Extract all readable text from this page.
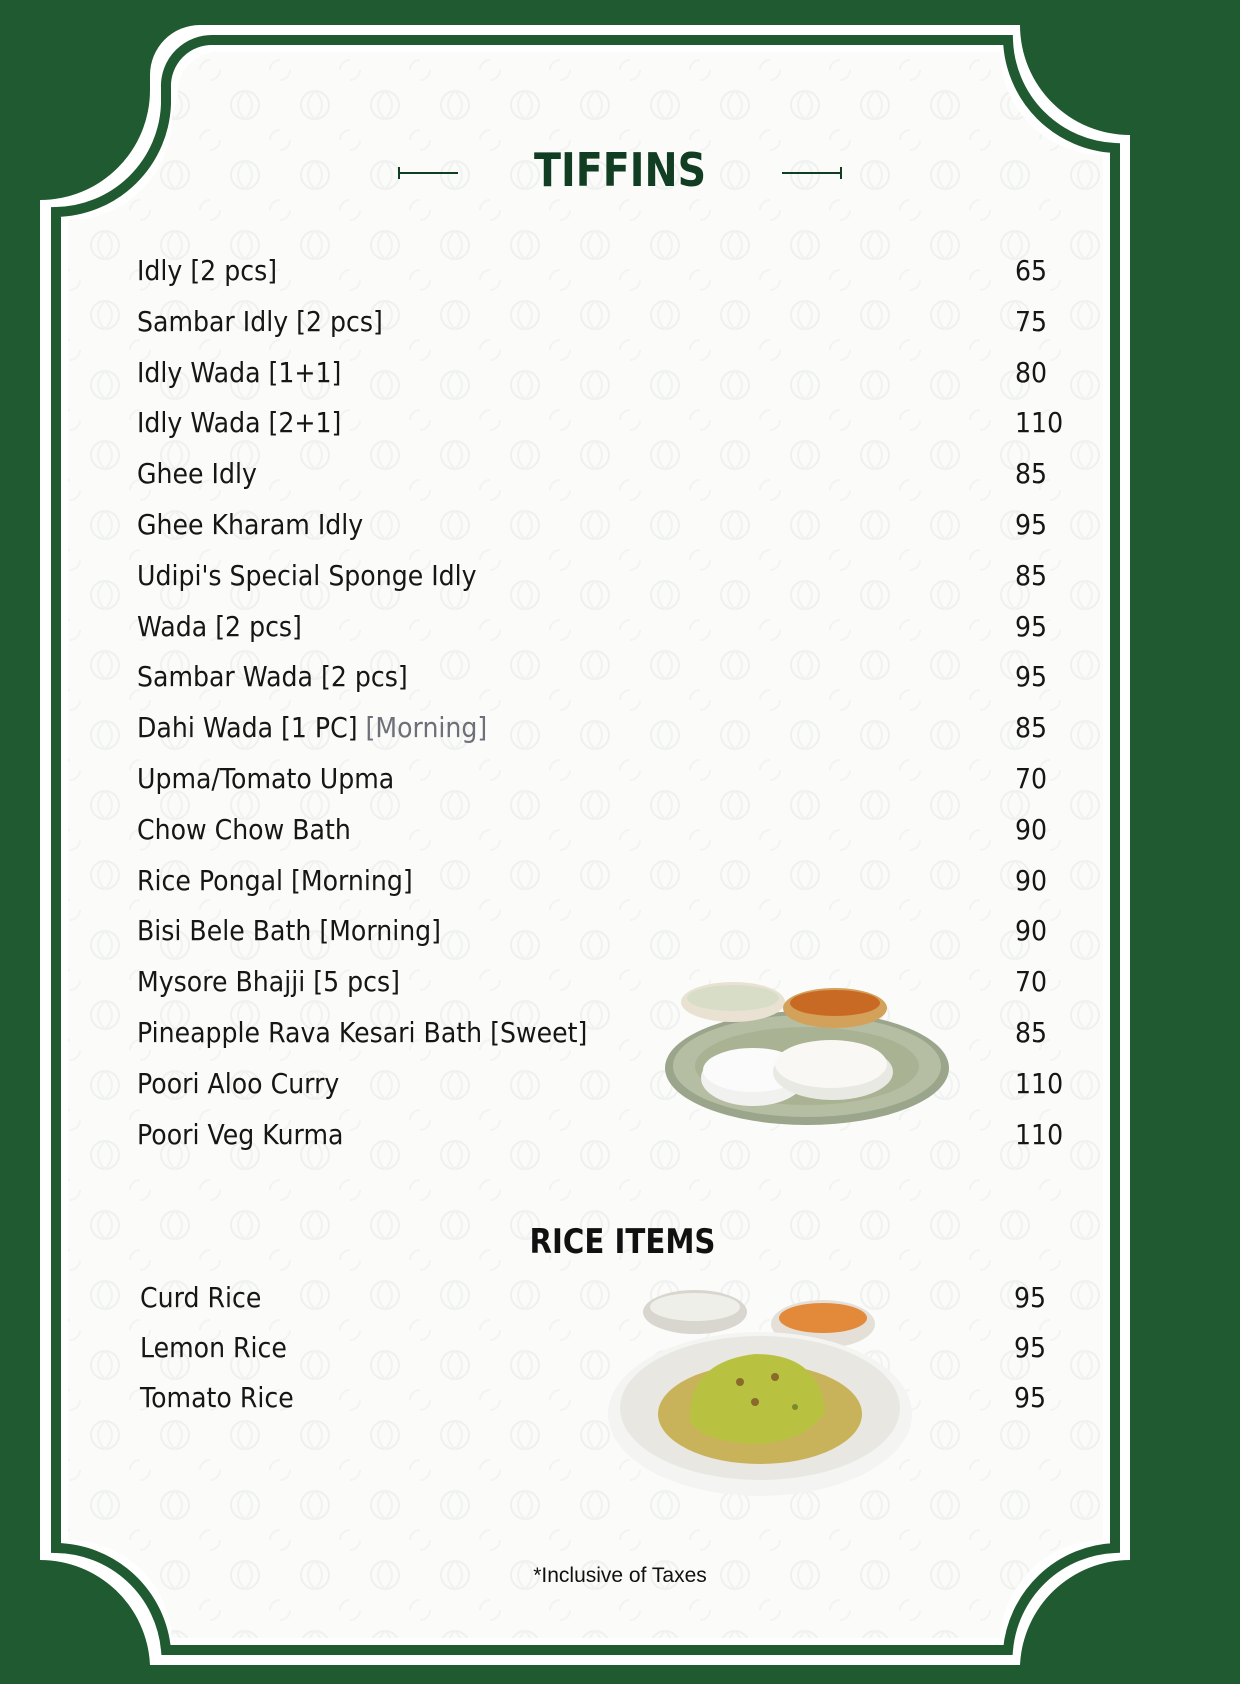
TIFFINS
Idly [2 pcs]	65
Sambar Idly [2 pcs]	75
Idly Wada [1+1]	80
Idly Wada [2+1]	110
Ghee Idly	85
Ghee Kharam Idly	95
Udipi's Special Sponge Idly	85
Wada [2 pcs]	95
Sambar Wada [2 pcs]	95
Dahi Wada [1 PC] [Morning]	85
Upma/Tomato Upma	70
Chow Chow Bath	90
Rice Pongal [Morning]	90
Bisi Bele Bath [Morning]	90
Mysore Bhajji [5 pcs]	70
Pineapple Rava Kesari Bath [Sweet]	85
Poori Aloo Curry	110
Poori Veg Kurma	110
RICE ITEMS
Curd Rice	95
Lemon Rice	95
Tomato Rice	95
*Inclusive of Taxes
